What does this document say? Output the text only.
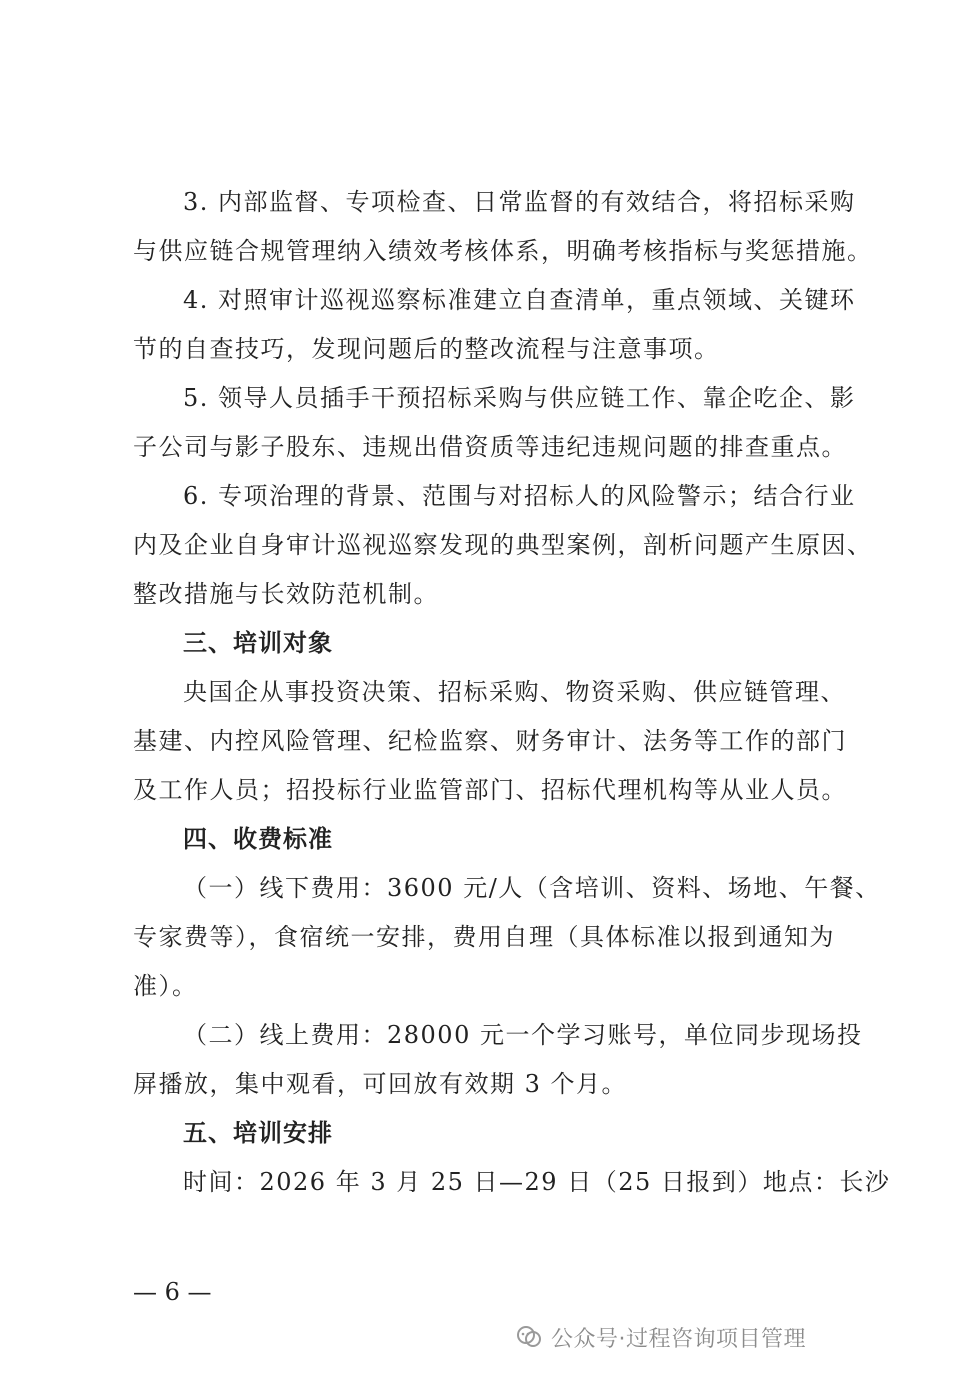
3. 内部监督、专项检查、日常监督的有效结合，将招标采购
与供应链合规管理纳入绩效考核体系，明确考核指标与奖惩措施。
4. 对照审计巡视巡察标准建立自查清单，重点领域、关键环
节的自查技巧，发现问题后的整改流程与注意事项。
5. 领导人员插手干预招标采购与供应链工作、靠企吃企、影
子公司与影子股东、违规出借资质等违纪违规问题的排查重点。
6. 专项治理的背景、范围与对招标人的风险警示；结合行业
内及企业自身审计巡视巡察发现的典型案例，剖析问题产生原因、
整改措施与长效防范机制。
三、培训对象
央国企从事投资决策、招标采购、物资采购、供应链管理、
基建、内控风险管理、纪检监察、财务审计、法务等工作的部门
及工作人员；招投标行业监管部门、招标代理机构等从业人员。
四、收费标准
（一）线下费用：3600 元/人（含培训、资料、场地、午餐、
专家费等），食宿统一安排，费用自理（具体标准以报到通知为
准）。
（二）线上费用：28000 元一个学习账号，单位同步现场投
屏播放，集中观看，可回放有效期 3 个月。
五、培训安排
时间：2026 年 3 月 25 日—29 日（25 日报到）地点：长沙
— 6 —
公众号·过程咨询项目管理
